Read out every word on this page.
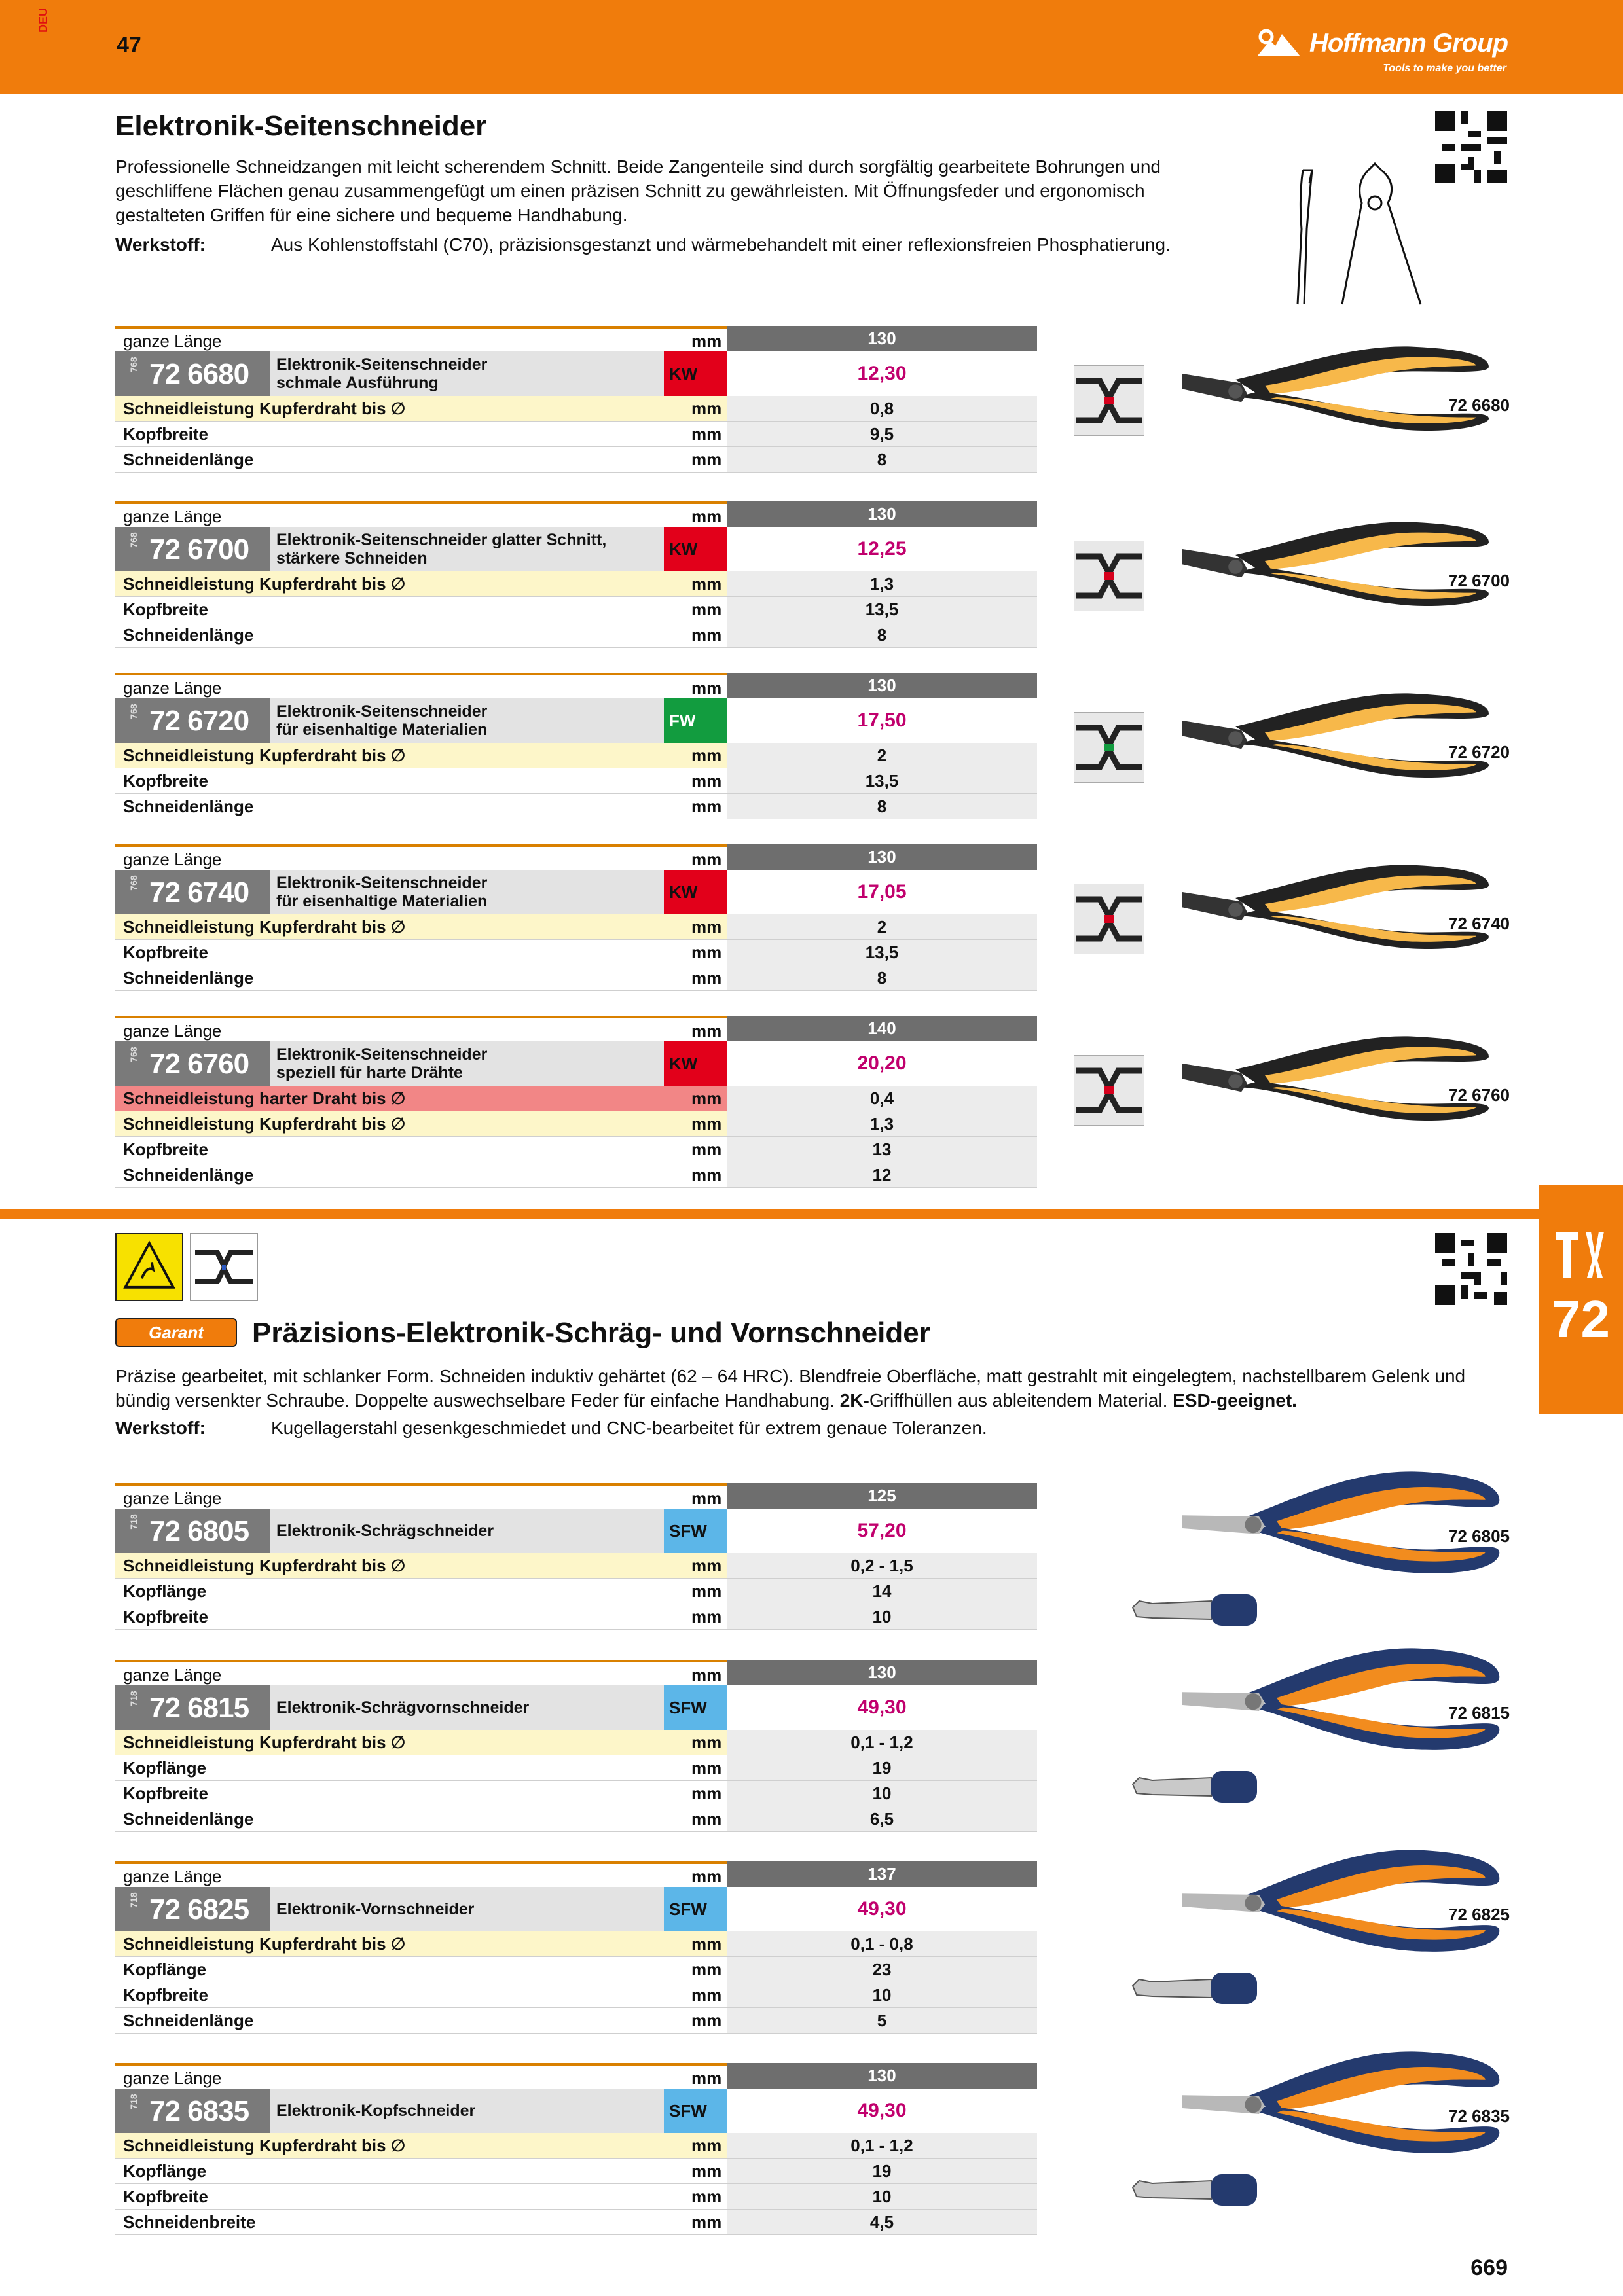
DEU
47	Hoffmann Group
Tools to make you better
Elektronik-Seitenschneider
Professionelle Schneidzangen mit leicht scherendem Schnitt. Beide Zangenteile sind durch sorgfältig gearbeitete Bohrungen und
geschliffene Flächen genau zusammengefügt um einen präzisen Schnitt zu gewährleisten. Mit Öffnungsfeder und ergonomisch
gestalteten Griffen für eine sichere und bequeme Handhabung.
Werkstoff:	Aus Kohlenstoffstahl (C70), präzisionsgestanzt und wärmebehandelt mit einer reflexionsfreien Phosphatierung.
72
Garant	Präzisions-Elektronik-Schräg- und Vornschneider
Präzise gearbeitet, mit schlanker Form. Schneiden induktiv gehärtet (62 – 64 HRC). Blendfreie Oberfläche, matt gestrahlt mit eingelegtem, nachstellbarem Gelenk und
bündig versenkter Schraube. Doppelte auswechselbare Feder für einfache Handhabung. 2K-Griffhüllen aus ableitendem Material. ESD-geeignet.
Werkstoff:	Kugellagerstahl gesenkgeschmiedet und CNC-bearbeitet für extrem genaue Toleranzen.
669
ganze Länge	mm	130
768 72 6680 Elektronik-Seitenschneider
schmale Ausführung	KW	12,30
Schneidleistung Kupferdraht bis ∅	mm	0,8
Kopfbreite	mm	9,5
Schneidenlänge	mm	8
72 6680
ganze Länge	mm	130
768 72 6700 Elektronik-Seitenschneider glatter Schnitt,
stärkere Schneiden	KW	12,25
Schneidleistung Kupferdraht bis ∅	mm	1,3
Kopfbreite	mm	13,5
Schneidenlänge	mm	8
72 6700
ganze Länge	mm	130
768 72 6720 Elektronik-Seitenschneider
für eisenhaltige Materialien	FW	17,50
Schneidleistung Kupferdraht bis ∅	mm	2
Kopfbreite	mm	13,5
Schneidenlänge	mm	8
72 6720
ganze Länge	mm	130
768 72 6740 Elektronik-Seitenschneider
für eisenhaltige Materialien	KW	17,05
Schneidleistung Kupferdraht bis ∅	mm	2
Kopfbreite	mm	13,5
Schneidenlänge	mm	8
72 6740
ganze Länge	mm	140
768 72 6760 Elektronik-Seitenschneider
speziell für harte Drähte	KW	20,20
Schneidleistung harter Draht bis ∅	mm	0,4
Schneidleistung Kupferdraht bis ∅	mm	1,3
Kopfbreite	mm	13
Schneidenlänge	mm	12
72 6760
ganze Länge	mm	125
718 72 6805 Elektronik-Schrägschneider	SFW	57,20
Schneidleistung Kupferdraht bis ∅	mm	0,2 - 1,5
Kopflänge	mm	14
Kopfbreite	mm	10
72 6805
ganze Länge	mm	130
718 72 6815 Elektronik-Schrägvornschneider	SFW	49,30
Schneidleistung Kupferdraht bis ∅	mm	0,1 - 1,2
Kopflänge	mm	19
Kopfbreite	mm	10
Schneidenlänge	mm	6,5
72 6815
ganze Länge	mm	137
718 72 6825 Elektronik-Vornschneider	SFW	49,30
Schneidleistung Kupferdraht bis ∅	mm	0,1 - 0,8
Kopflänge	mm	23
Kopfbreite	mm	10
Schneidenlänge	mm	5
72 6825
ganze Länge	mm	130
718 72 6835 Elektronik-Kopfschneider	SFW	49,30
Schneidleistung Kupferdraht bis ∅	mm	0,1 - 1,2
Kopflänge	mm	19
Kopfbreite	mm	10
Schneidenbreite	mm	4,5
72 6835
